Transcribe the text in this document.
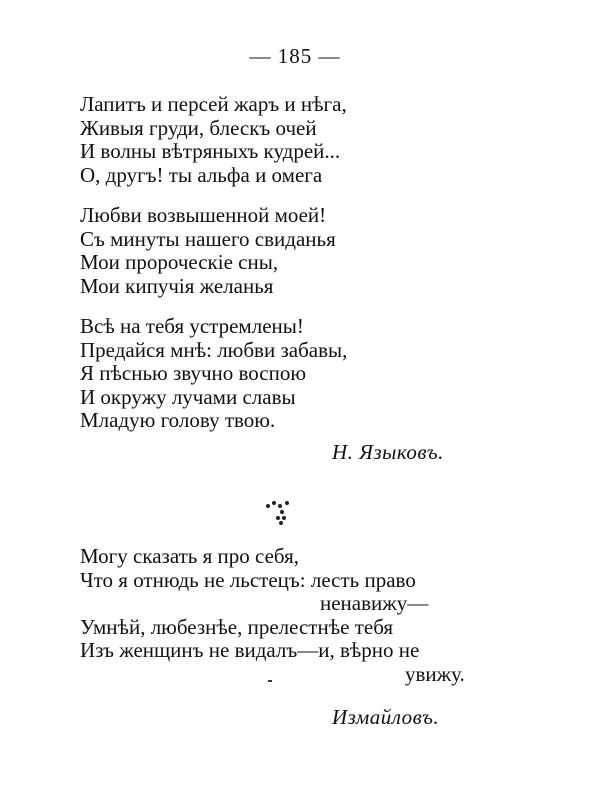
— 185 —
Лапитъ и персей жаръ и нѣга,
Живыя груди, блескъ очей
И волны вѣтряныхъ кудрей...
О, другъ! ты альфа и омега
Любви возвышенной моей!
Съ минуты нашего свиданья
Мои пророческіе сны,
Мои кипучія желанья
Всѣ на тебя устремлены!
Предайся мнѣ: любви забавы,
Я пѣснью звучно воспою
И окружу лучами славы
Младую голову твою.
Н. Языковъ.
Могу сказать я про себя,
Что я отнюдь не льстецъ: лесть право
ненавижу—
Умнѣй, любезнѣе, прелестнѣе тебя
Изъ женщинъ не видалъ—и, вѣрно не
увижу.
Измайловъ.
